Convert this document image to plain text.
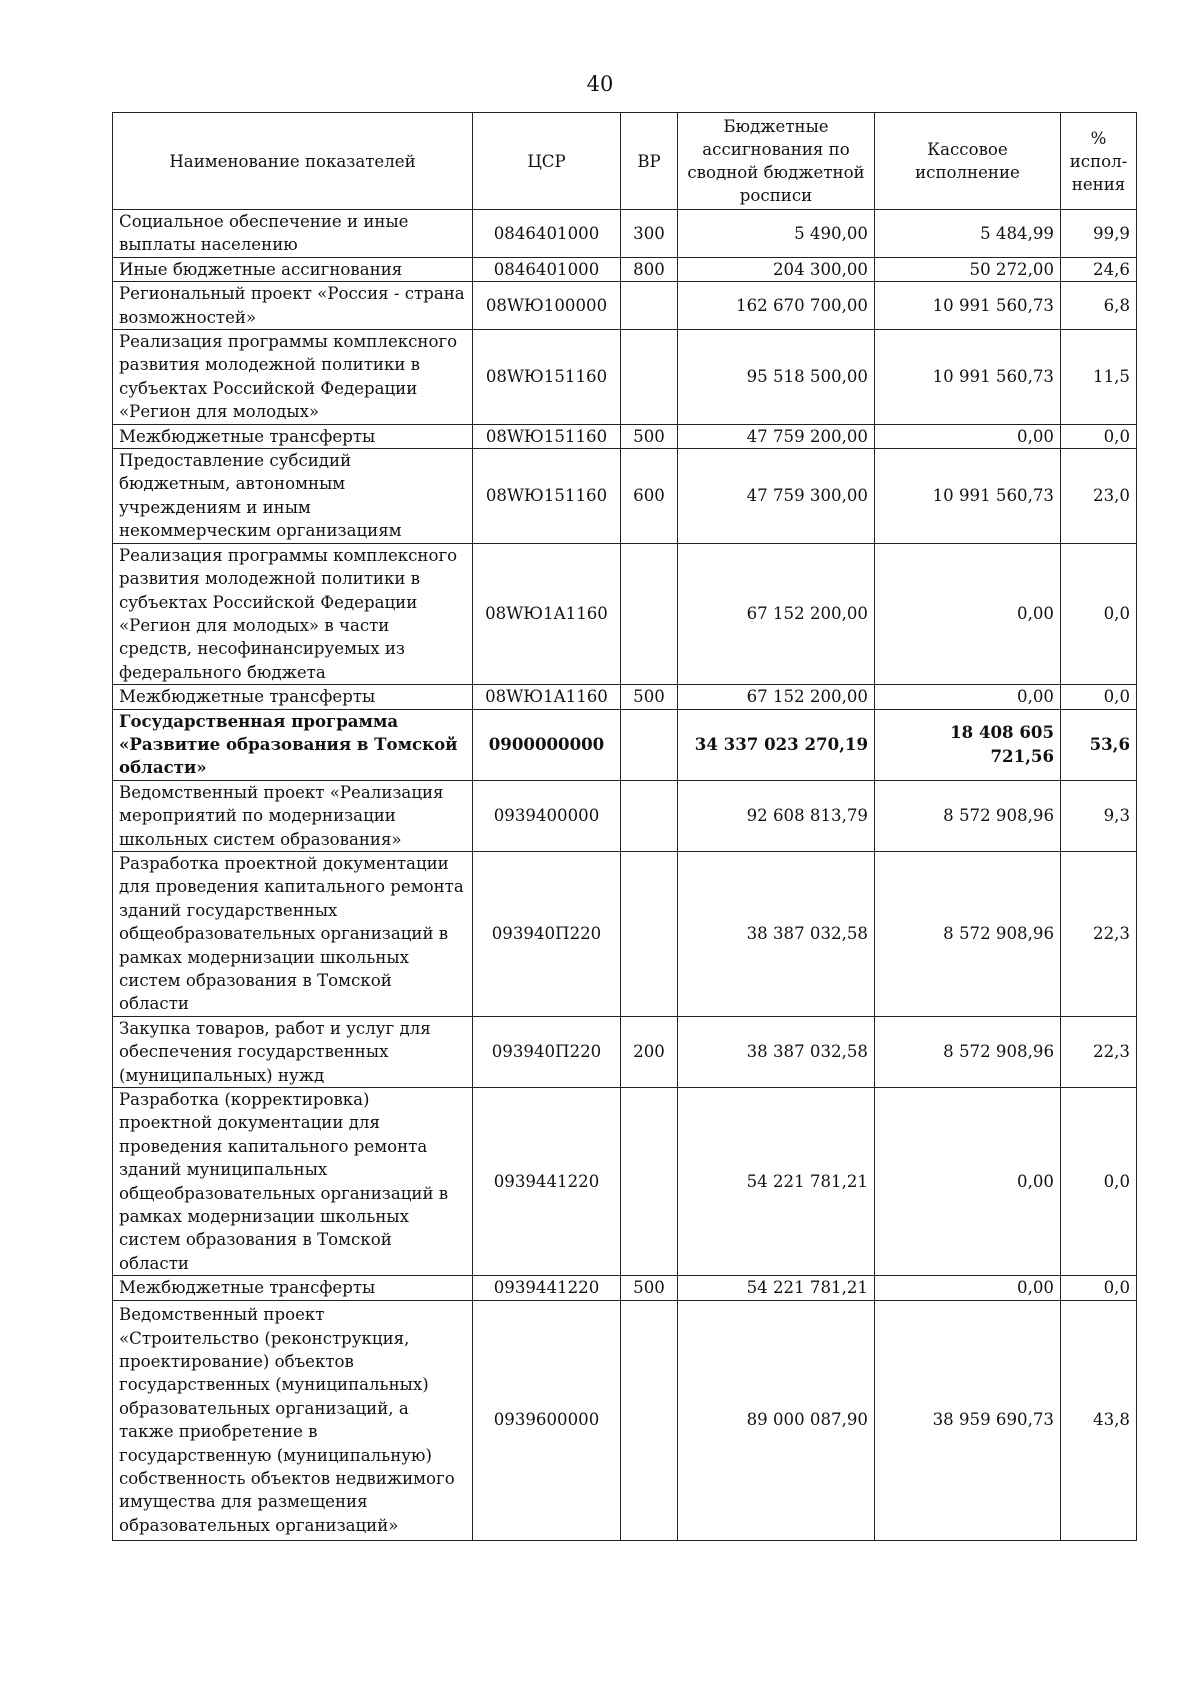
40
Наименование показателей	ЦСР	ВР	Бюджетные ассигнования по сводной бюджетной росписи	Кассовое исполнение	% испол-нения
Социальное обеспечение и иные выплаты населению	0846401000	300	5 490,00	5 484,99	99,9
Иные бюджетные ассигнования	0846401000	800	204 300,00	50 272,00	24,6
Региональный проект «Россия - страна возможностей»	08WЮ100000		162 670 700,00	10 991 560,73	6,8
Реализация программы комплексного развития молодежной политики в субъектах Российской Федерации «Регион для молодых»	08WЮ151160		95 518 500,00	10 991 560,73	11,5
Межбюджетные трансферты	08WЮ151160	500	47 759 200,00	0,00	0,0
Предоставление субсидий бюджетным, автономным учреждениям и иным некоммерческим организациям	08WЮ151160	600	47 759 300,00	10 991 560,73	23,0
Реализация программы комплексного развития молодежной политики в субъектах Российской Федерации «Регион для молодых» в части средств, несофинансируемых из федерального бюджета	08WЮ1A1160		67 152 200,00	0,00	0,0
Межбюджетные трансферты	08WЮ1A1160	500	67 152 200,00	0,00	0,0
Государственная программа «Развитие образования в Томской области»	0900000000		34 337 023 270,19	18 408 605 721,56	53,6
Ведомственный проект «Реализация мероприятий по модернизации школьных систем образования»	0939400000		92 608 813,79	8 572 908,96	9,3
Разработка проектной документации для проведения капитального ремонта зданий государственных общеобразовательных организаций в рамках модернизации школьных систем образования в Томской области	093940П220		38 387 032,58	8 572 908,96	22,3
Закупка товаров, работ и услуг для обеспечения государственных (муниципальных) нужд	093940П220	200	38 387 032,58	8 572 908,96	22,3
Разработка (корректировка) проектной документации для проведения капитального ремонта зданий муниципальных общеобразовательных организаций в рамках модернизации школьных систем образования в Томской области	0939441220		54 221 781,21	0,00	0,0
Межбюджетные трансферты	0939441220	500	54 221 781,21	0,00	0,0
Ведомственный проект «Строительство (реконструкция, проектирование) объектов государственных (муниципальных) образовательных организаций, а также приобретение в государственную (муниципальную) собственность объектов недвижимого имущества для размещения образовательных организаций»	0939600000		89 000 087,90	38 959 690,73	43,8
